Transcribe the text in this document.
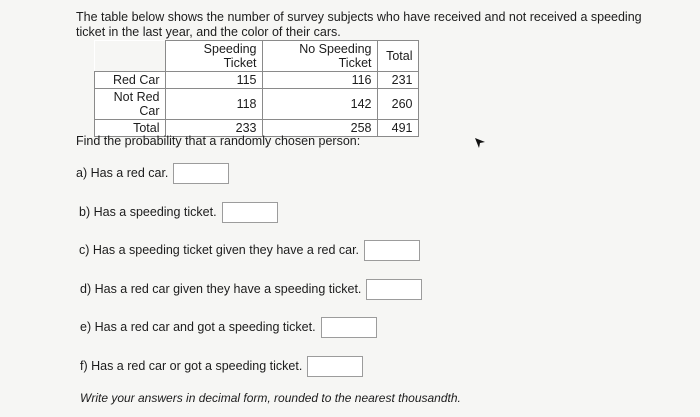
The table below shows the number of survey subjects who have received and not received a speeding
ticket in the last year, and the color of their cars.
	Speeding Ticket	No Speeding Ticket	Total
Red Car	115	116	231
Not Red Car	118	142	260
Total	233	258	491
Find the probability that a randomly chosen person:
a) Has a red car.
b) Has a speeding ticket.
c) Has a speeding ticket given they have a red car.
d) Has a red car given they have a speeding ticket.
e) Has a red car and got a speeding ticket.
f) Has a red car or got a speeding ticket.
Write your answers in decimal form, rounded to the nearest thousandth.
